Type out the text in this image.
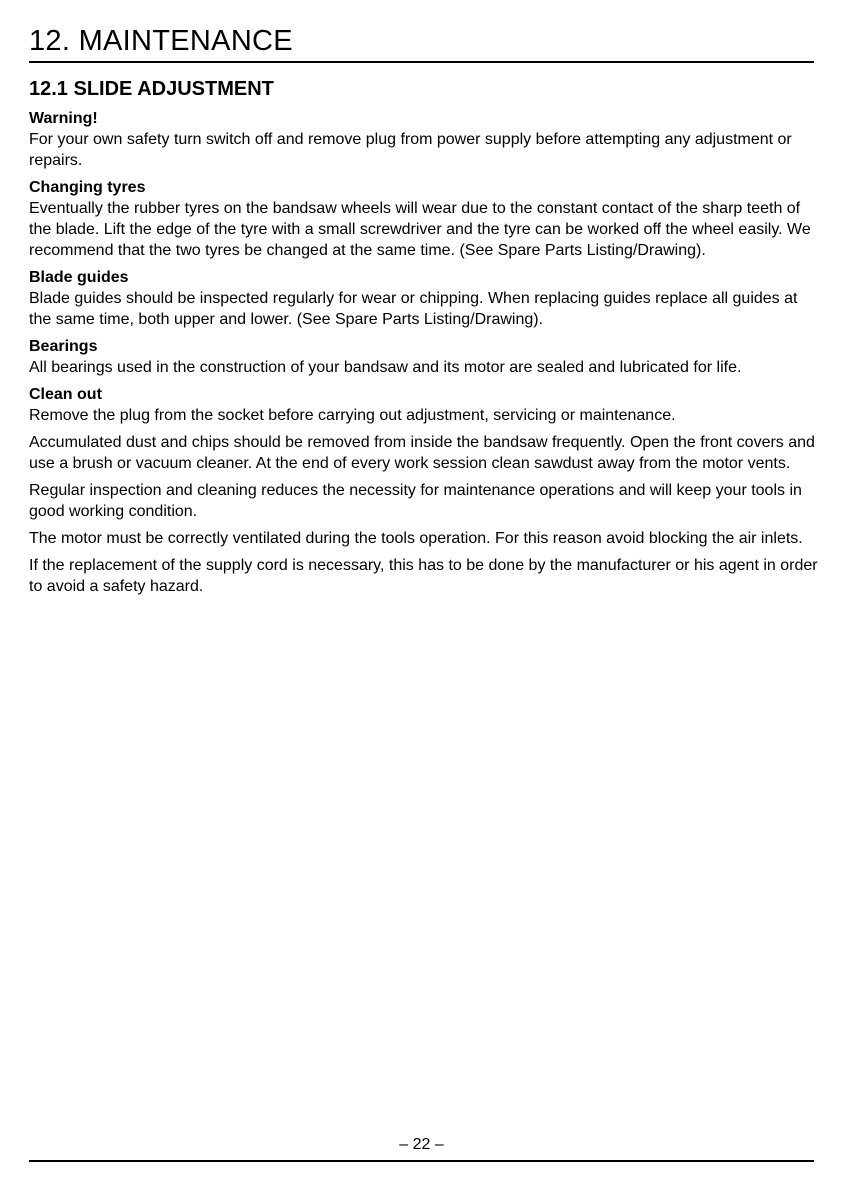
12. MAINTENANCE
12.1 SLIDE ADJUSTMENT
Warning!

For your own safety turn switch off and remove plug from power supply before attempting any adjustment or repairs.

Changing tyres

Eventually the rubber tyres on the bandsaw wheels will wear due to the constant contact of the sharp teeth of the blade. Lift the edge of the tyre with a small screwdriver and the tyre can be worked off the wheel easily. We recommend that the two tyres be changed at the same time. (See Spare Parts Listing/Drawing).

Blade guides

Blade guides should be inspected regularly for wear or chipping. When replacing guides replace all guides at the same time, both upper and lower. (See Spare Parts Listing/Drawing).

Bearings

All bearings used in the construction of your bandsaw and its motor are sealed and lubricated for life.

Clean out

Remove the plug from the socket before carrying out adjustment, servicing or maintenance.

Accumulated dust and chips should be removed from inside the bandsaw frequently. Open the front covers and use a brush or vacuum cleaner. At the end of every work session clean sawdust away from the motor vents.

Regular inspection and cleaning reduces the necessity for maintenance operations and will keep your tools in good working condition.

The motor must be correctly ventilated during the tools operation. For this reason avoid blocking the air inlets.

If the replacement of the supply cord is necessary, this has to be done by the manufacturer or his agent in order to avoid a safety hazard.

– 22 –
